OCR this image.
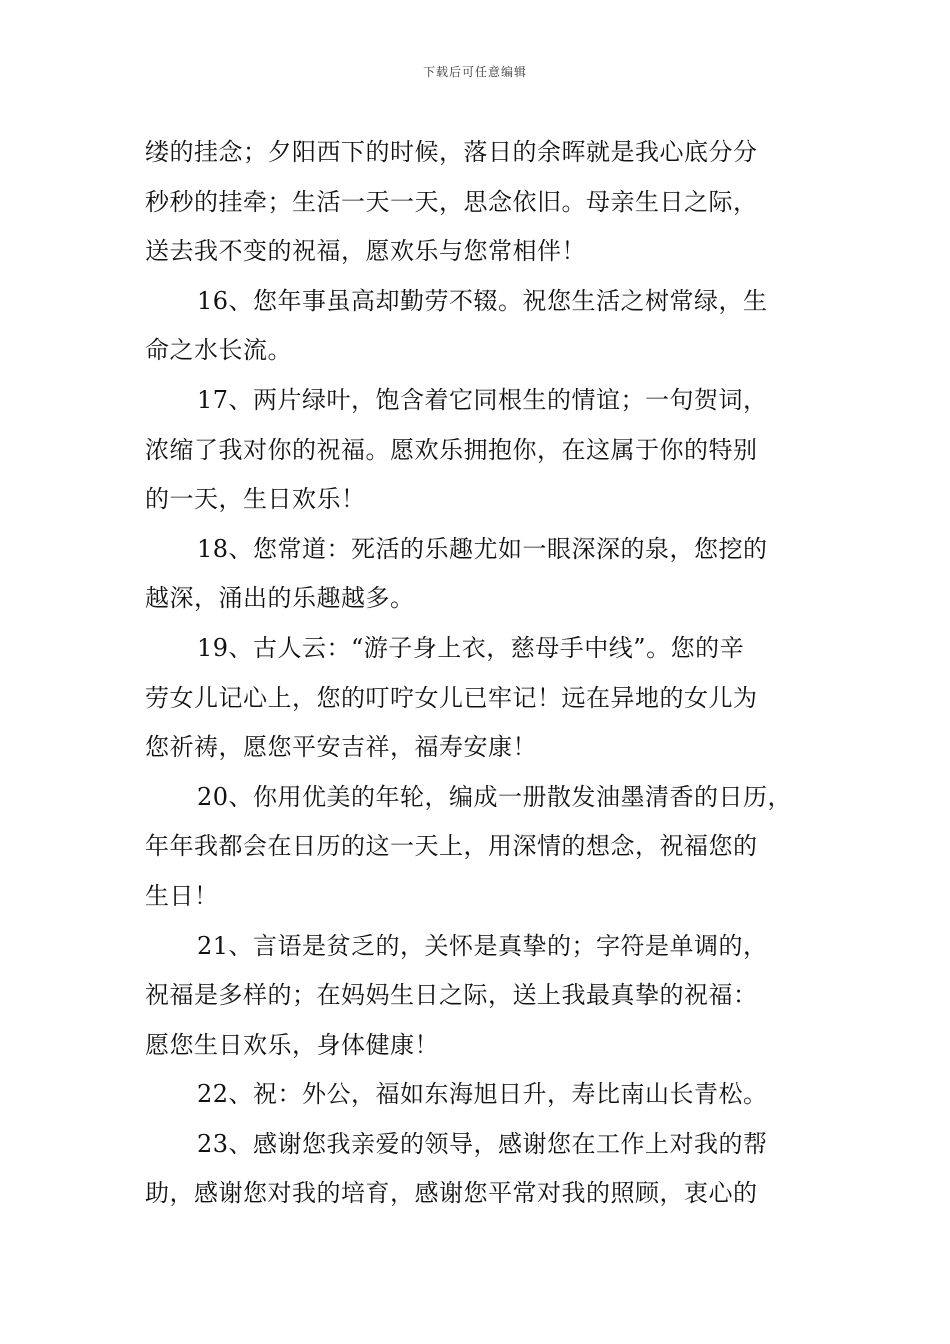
下载后可任意编辑
缕的挂念；夕阳西下的时候，落日的余晖就是我心底分分
秒秒的挂牵；生活一天一天，思念依旧。母亲生日之际，
送去我不变的祝福，愿欢乐与您常相伴！
16、您年事虽高却勤劳不辍。祝您生活之树常绿，生
命之水长流。
17、两片绿叶，饱含着它同根生的情谊；一句贺词，
浓缩了我对你的祝福。愿欢乐拥抱你，在这属于你的特别
的一天，生日欢乐！
18、您常道：死活的乐趣尤如一眼深深的泉，您挖的
越深，涌出的乐趣越多。
19、古人云：“游子身上衣，慈母手中线”。您的辛
劳女儿记心上，您的叮咛女儿已牢记！远在异地的女儿为
您祈祷，愿您平安吉祥，福寿安康！
20、你用优美的年轮，编成一册散发油墨清香的日历，
年年我都会在日历的这一天上，用深情的想念，祝福您的
生日！
21、言语是贫乏的，关怀是真挚的；字符是单调的，
祝福是多样的；在妈妈生日之际，送上我最真挚的祝福：
愿您生日欢乐，身体健康！
22、祝：外公，福如东海旭日升，寿比南山长青松。
23、感谢您我亲爱的领导，感谢您在工作上对我的帮
助，感谢您对我的培育，感谢您平常对我的照顾，衷心的
